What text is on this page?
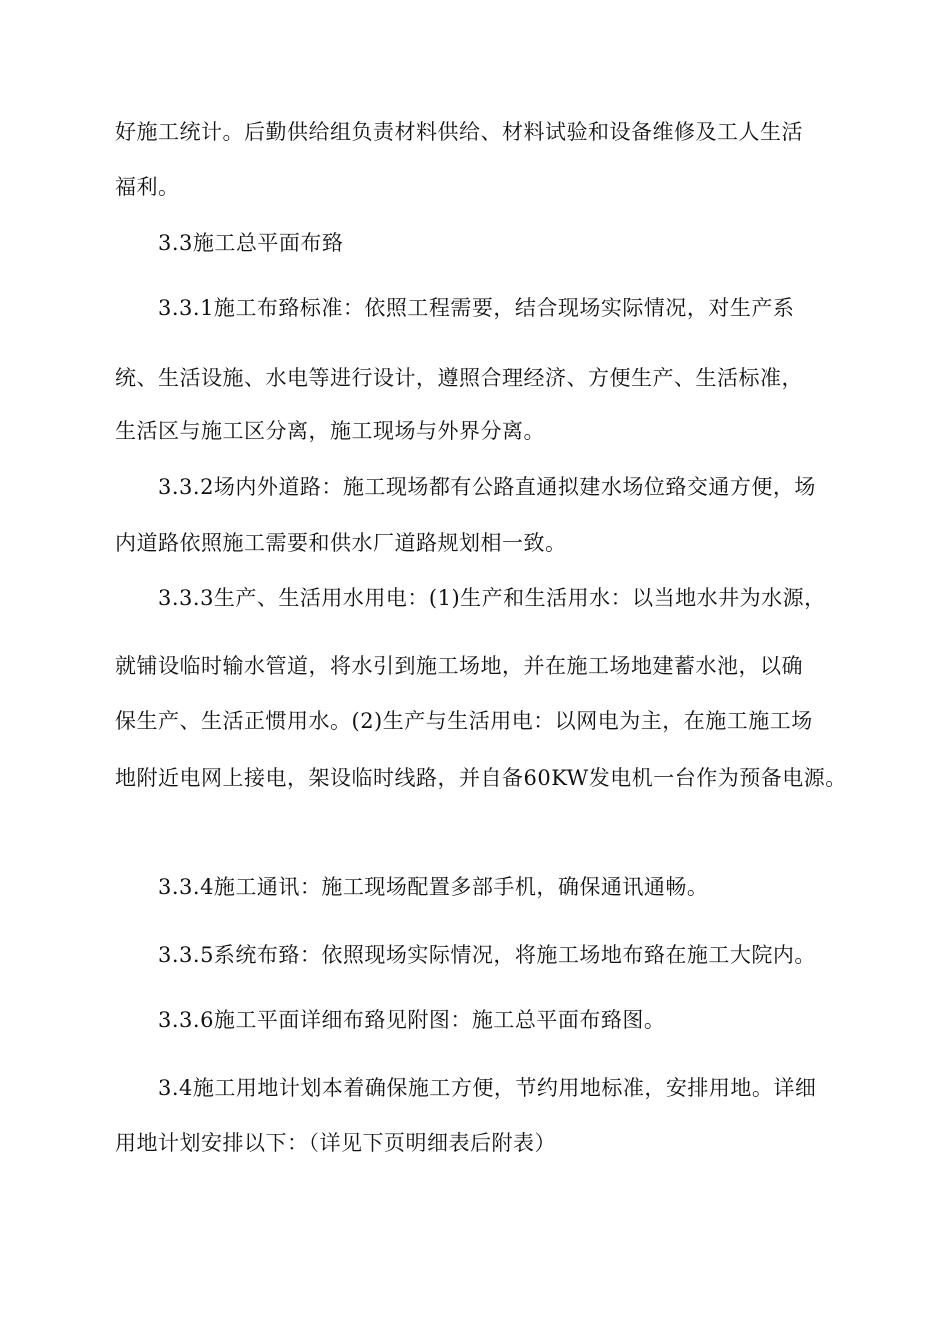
好施工统计。后勤供给组负责材料供给、材料试验和设备维修及工人生活
福利。
3.3施工总平面布臵
3.3.1施工布臵标准：依照工程需要，结合现场实际情况，对生产系
统、生活设施、水电等进行设计，遵照合理经济、方便生产、生活标准，
生活区与施工区分离，施工现场与外界分离。
3.3.2场内外道路：施工现场都有公路直通拟建水场位臵交通方便，场
内道路依照施工需要和供水厂道路规划相一致。
3.3.3生产、生活用水用电：(1)生产和生活用水：以当地水井为水源，
就铺设临时输水管道，将水引到施工场地，并在施工场地建蓄水池，以确
保生产、生活正惯用水。(2)生产与生活用电：以网电为主，在施工施工场
地附近电网上接电，架设临时线路，并自备60KW发电机一台作为预备电源。
3.3.4施工通讯：施工现场配置多部手机，确保通讯通畅。
3.3.5系统布臵：依照现场实际情况，将施工场地布臵在施工大院内。
3.3.6施工平面详细布臵见附图：施工总平面布臵图。
3.4施工用地计划本着确保施工方便，节约用地标准，安排用地。详细
用地计划安排以下：（详见下页明细表后附表）
